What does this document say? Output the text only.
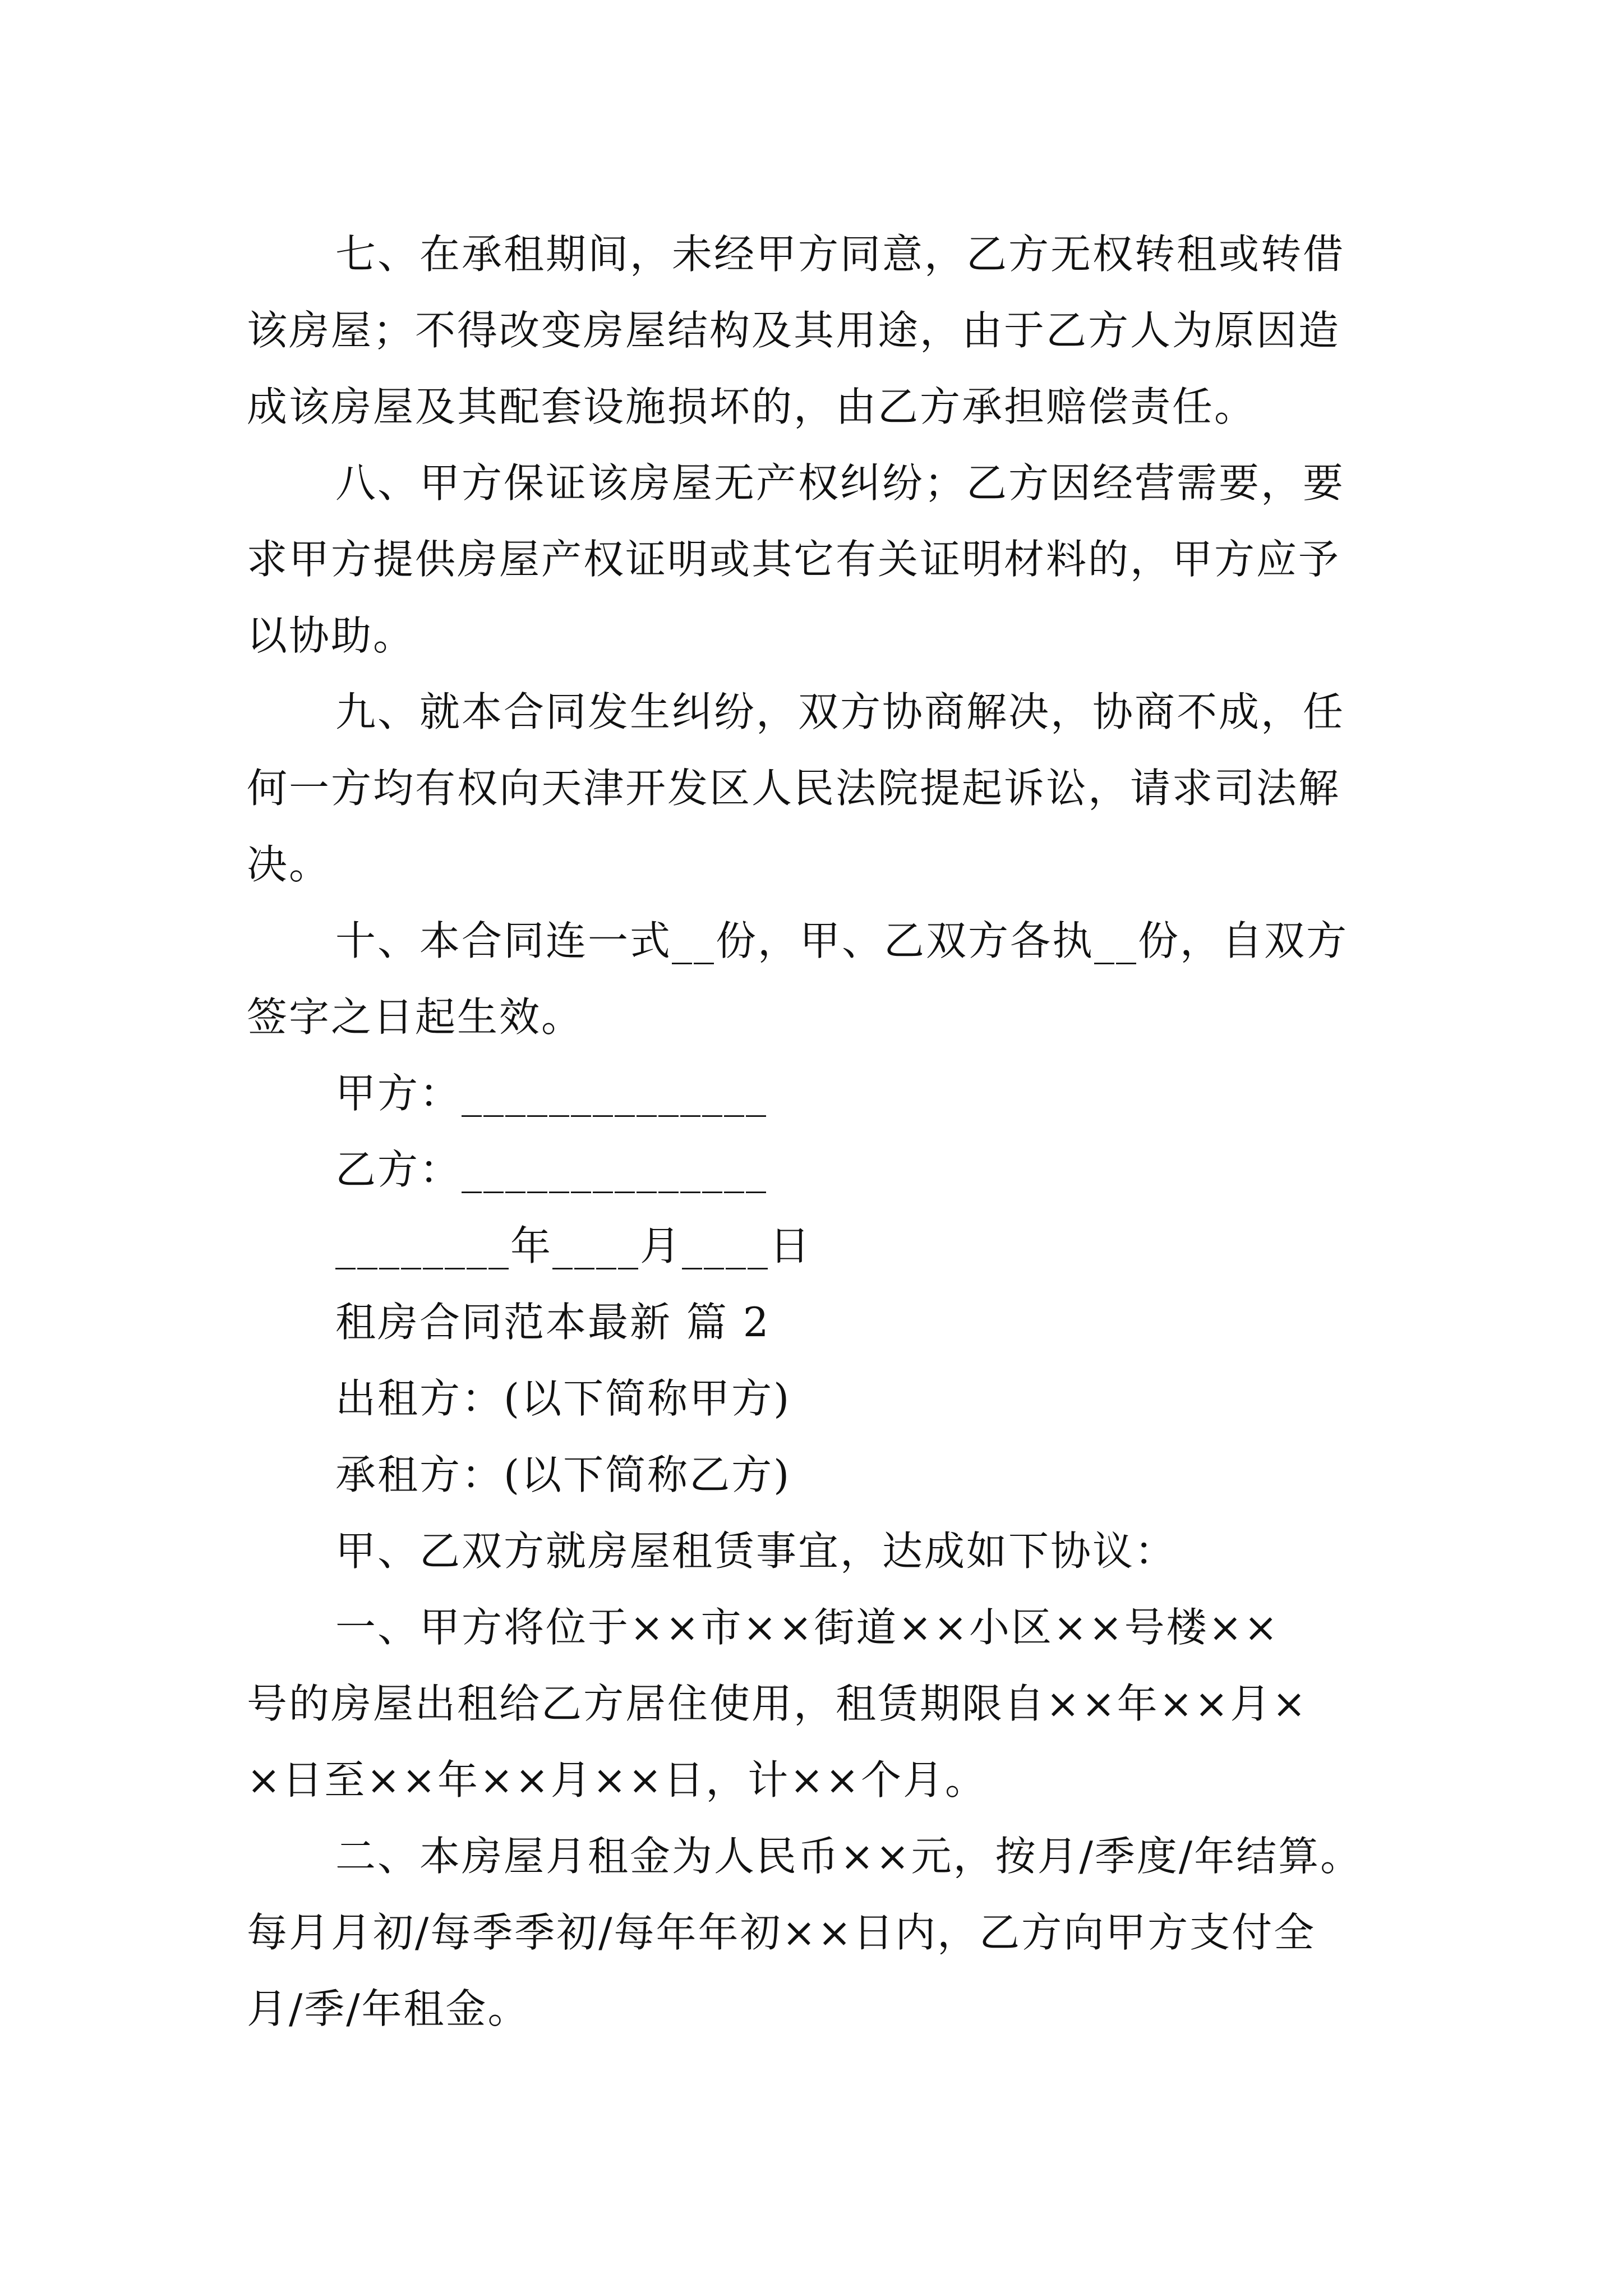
七、在承租期间，未经甲方同意，乙方无权转租或转借
该房屋；不得改变房屋结构及其用途，由于乙方人为原因造
成该房屋及其配套设施损坏的，由乙方承担赔偿责任。
八、甲方保证该房屋无产权纠纷；乙方因经营需要，要
求甲方提供房屋产权证明或其它有关证明材料的，甲方应予
以协助。
九、就本合同发生纠纷，双方协商解决，协商不成，任
何一方均有权向天津开发区人民法院提起诉讼，请求司法解
决。
十、本合同连一式__份，甲、乙双方各执__份，自双方
签字之日起生效。
甲方：______________
乙方：______________
________年____月____日
租房合同范本最新 篇 2
出租方：(以下简称甲方)
承租方：(以下简称乙方)
甲、乙双方就房屋租赁事宜，达成如下协议：
一、甲方将位于××市××街道××小区××号楼××
号的房屋出租给乙方居住使用，租赁期限自××年××月×
×日至××年××月××日，计××个月。
二、本房屋月租金为人民币××元，按月/季度/年结算。
每月月初/每季季初/每年年初××日内，乙方向甲方支付全
月/季/年租金。
